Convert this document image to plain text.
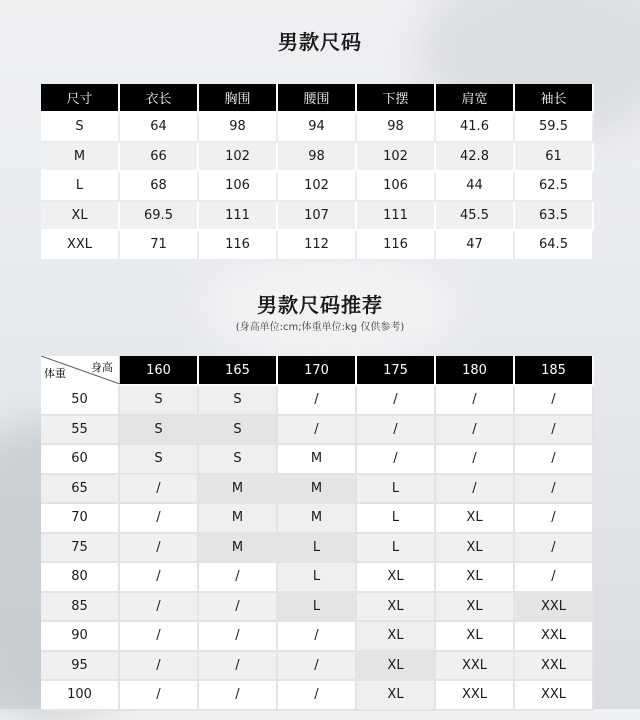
男款尺码
尺寸	衣长	胸围	腰围	下摆	肩宽	袖长
S	64	98	94	98	41.6	59.5
M	66	102	98	102	42.8	61
L	68	106	102	106	44	62.5
XL	69.5	111	107	111	45.5	63.5
XXL	71	116	112	116	47	64.5
男款尺码推荐
(身高单位:cm;体重单位:kg 仅供参考)
身高
体重	160	165	170	175	180	185
50	S	S	/	/	/	/
55	S	S	/	/	/	/
60	S	S	M	/	/	/
65	/	M	M	L	/	/
70	/	M	M	L	XL	/
75	/	M	L	L	XL	/
80	/	/	L	XL	XL	/
85	/	/	L	XL	XL	XXL
90	/	/	/	XL	XL	XXL
95	/	/	/	XL	XXL	XXL
100	/	/	/	XL	XXL	XXL
